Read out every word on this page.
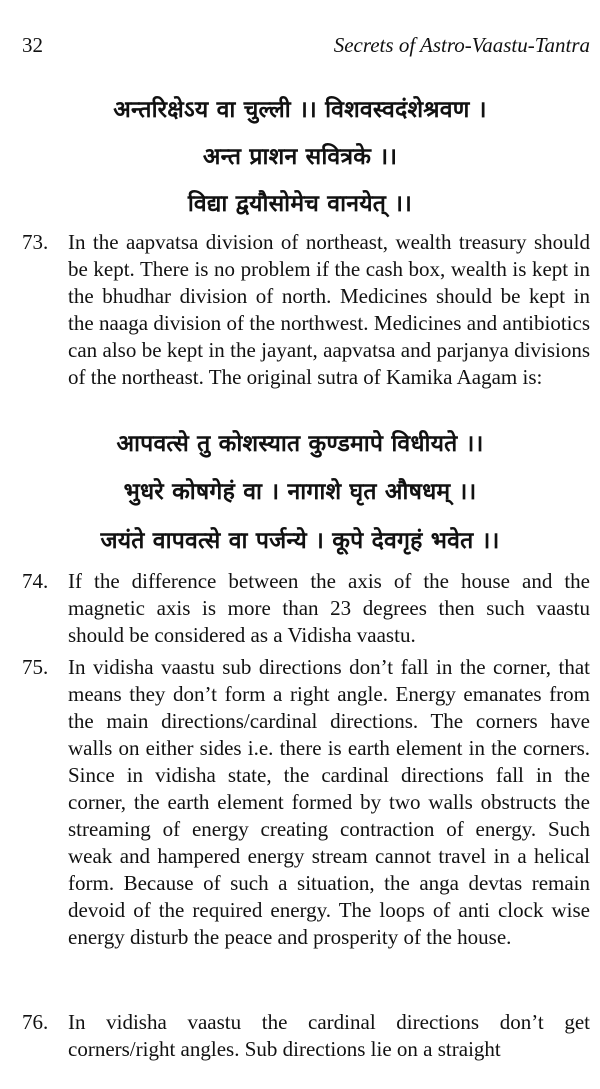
32	Secrets of Astro-Vaastu-Tantra
अन्तरिक्षेऽय वा चुल्ली ।। विशवस्वदंशेश्रवण ।
अन्त प्राशन सवित्रके ।।
विद्या द्वयौसोमेच वानयेत् ।।
73. In the aapvatsa division of northeast, wealth treasury should be kept. There is no problem if the cash box, wealth is kept in the bhudhar division of north. Medicines should be kept in the naaga division of the northwest. Medicines and antibiotics can also be kept in the jayant, aapvatsa and parjanya divisions of the northeast. The original sutra of Kamika Aagam is:
आपवत्से तु कोशस्यात कुण्डमापे विधीयते ।।
भुधरे कोषगेहं वा । नागाशे घृत औषधम् ।।
जयंते वापवत्से वा पर्जन्ये । कूपे देवगृहं भवेत ।।
74. If the difference between the axis of the house and the magnetic axis is more than 23 degrees then such vaastu should be considered as a Vidisha vaastu.
75. In vidisha vaastu sub directions don’t fall in the corner, that means they don’t form a right angle. Energy emanates from the main directions/cardinal directions. The corners have walls on either sides i.e. there is earth element in the corners. Since in vidisha state, the cardinal directions fall in the corner, the earth element formed by two walls obstructs the streaming of energy creating contraction of energy. Such weak and hampered energy stream cannot travel in a helical form. Because of such a situation, the anga devtas remain devoid of the required energy. The loops of anti clock wise energy disturb the peace and prosperity of the house.
76. In vidisha vaastu the cardinal directions don’t get corners/right angles. Sub directions lie on a straight
